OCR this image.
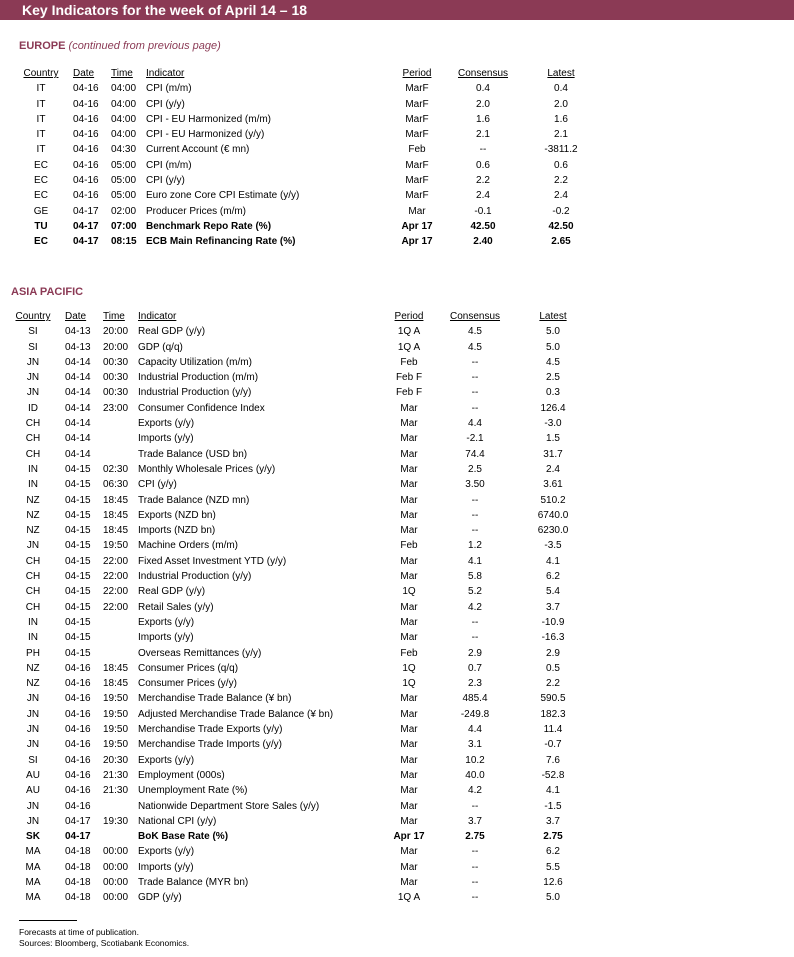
Key Indicators for the week of April 14 – 18
EUROPE (continued from previous page)
Country	Date Time Indicator	Period	Consensus	Latest
IT	04-16 04:00 CPI (m/m)	MarF	0.4	0.4
IT	04-16 04:00 CPI (y/y)	MarF	2.0	2.0
IT	04-16 04:00 CPI - EU Harmonized (m/m)	MarF	1.6	1.6
IT	04-16 04:00 CPI - EU Harmonized (y/y)	MarF	2.1	2.1
IT	04-16 04:30 Current Account (€ mn)	Feb	--	-3811.2
EC	04-16 05:00 CPI (m/m)	MarF	0.6	0.6
EC	04-16 05:00 CPI (y/y)	MarF	2.2	2.2
EC	04-16 05:00 Euro zone Core CPI Estimate (y/y)	MarF	2.4	2.4
GE	04-17 02:00 Producer Prices (m/m)	Mar	-0.1	-0.2
TU	04-17 07:00 Benchmark Repo Rate (%)	Apr 17	42.50	42.50
EC	04-17 08:15 ECB Main Refinancing Rate (%)	Apr 17	2.40	2.65
ASIA PACIFIC
Country	Date Time Indicator	Period	Consensus	Latest
SI	04-13 20:00 Real GDP (y/y)	1Q A	4.5	5.0
SI	04-13 20:00 GDP (q/q)	1Q A	4.5	5.0
JN	04-14 00:30 Capacity Utilization (m/m)	Feb	--	4.5
JN	04-14 00:30 Industrial Production (m/m)	Feb F	--	2.5
JN	04-14 00:30 Industrial Production (y/y)	Feb F	--	0.3
ID	04-14 23:00 Consumer Confidence Index	Mar	--	126.4
CH	04-14	Exports (y/y)	Mar	4.4	-3.0
CH	04-14	Imports (y/y)	Mar	-2.1	1.5
CH	04-14	Trade Balance (USD bn)	Mar	74.4	31.7
IN	04-15 02:30 Monthly Wholesale Prices (y/y)	Mar	2.5	2.4
IN	04-15 06:30 CPI (y/y)	Mar	3.50	3.61
NZ	04-15 18:45 Trade Balance (NZD mn)	Mar	--	510.2
NZ	04-15 18:45 Exports (NZD bn)	Mar	--	6740.0
NZ	04-15 18:45 Imports (NZD bn)	Mar	--	6230.0
JN	04-15 19:50 Machine Orders (m/m)	Feb	1.2	-3.5
CH	04-15 22:00 Fixed Asset Investment YTD (y/y)	Mar	4.1	4.1
CH	04-15 22:00 Industrial Production (y/y)	Mar	5.8	6.2
CH	04-15 22:00 Real GDP (y/y)	1Q	5.2	5.4
CH	04-15 22:00 Retail Sales (y/y)	Mar	4.2	3.7
IN	04-15	Exports (y/y)	Mar	--	-10.9
IN	04-15	Imports (y/y)	Mar	--	-16.3
PH	04-15	Overseas Remittances (y/y)	Feb	2.9	2.9
NZ	04-16 18:45 Consumer Prices (q/q)	1Q	0.7	0.5
NZ	04-16 18:45 Consumer Prices (y/y)	1Q	2.3	2.2
JN	04-16 19:50 Merchandise Trade Balance (¥ bn)	Mar	485.4	590.5
JN	04-16 19:50 Adjusted Merchandise Trade Balance (¥ bn)	Mar	-249.8	182.3
JN	04-16 19:50 Merchandise Trade Exports (y/y)	Mar	4.4	11.4
JN	04-16 19:50 Merchandise Trade Imports (y/y)	Mar	3.1	-0.7
SI	04-16 20:30 Exports (y/y)	Mar	10.2	7.6
AU	04-16 21:30 Employment (000s)	Mar	40.0	-52.8
AU	04-16 21:30 Unemployment Rate (%)	Mar	4.2	4.1
JN	04-16	Nationwide Department Store Sales (y/y)	Mar	--	-1.5
JN	04-17 19:30 National CPI (y/y)	Mar	3.7	3.7
SK	04-17	BoK Base Rate (%)	Apr 17	2.75	2.75
MA	04-18 00:00 Exports (y/y)	Mar	--	6.2
MA	04-18 00:00 Imports (y/y)	Mar	--	5.5
MA	04-18 00:00 Trade Balance (MYR bn)	Mar	--	12.6
MA	04-18 00:00 GDP (y/y)	1Q A	--	5.0
Forecasts at time of publication.
Sources: Bloomberg, Scotiabank Economics.
